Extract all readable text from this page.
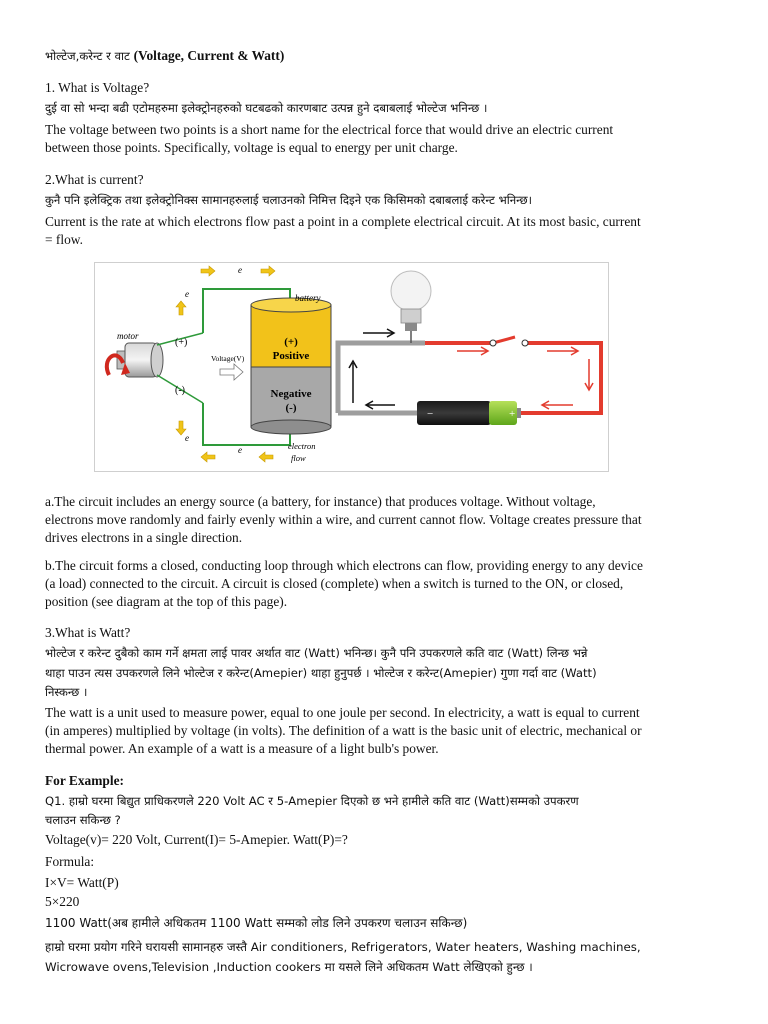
भोल्टेज,करेन्ट र वाट (Voltage, Current & Watt)
1. What is Voltage?
दुई वा सो भन्दा बढी एटोमहरुमा इलेक्ट्रोनहरुको घटबढको कारणबाट उत्पन्न हुने दबाबलाई भोल्टेज भनिन्छ ।
The voltage between two points is a short name for the electrical force that would drive an electric current
between those points. Specifically, voltage is equal to energy per unit charge.
2.What is current?
कुनै पनि इलेक्ट्रिक तथा इलेक्ट्रोनिक्स सामानहरुलाई चलाउनको निमित्त दिइने एक किसिमको दबाबलाई करेन्ट भनिन्छ।
Current is the rate at which electrons flow past a point in a complete electrical circuit. At its most basic, current
= flow.
motor
battery
(+)
Positive
Negative
(-)
Voltage(V)
(+)
(-)
e
e
e
e
electron
flow
−	+
a.The circuit includes an energy source (a battery, for instance) that produces voltage. Without voltage,
electrons move randomly and fairly evenly within a wire, and current cannot flow. Voltage creates pressure that
drives electrons in a single direction.
b.The circuit forms a closed, conducting loop through which electrons can flow, providing energy to any device
(a load) connected to the circuit. A circuit is closed (complete) when a switch is turned to the ON, or closed,
position (see diagram at the top of this page).
3.What is Watt?
भोल्टेज र करेन्ट दुबैको काम गर्ने क्षमता लाई पावर अर्थात वाट (Watt) भनिन्छ। कुनै पनि उपकरणले कति वाट (Watt) लिन्छ भन्ने
थाहा पाउन त्यस उपकरणले लिने भोल्टेज र करेन्ट(Amepier) थाहा हुनुपर्छ । भोल्टेज र करेन्ट(Amepier) गुणा गर्दा वाट (Watt)
निस्कन्छ ।
The watt is a unit used to measure power, equal to one joule per second. In electricity, a watt is equal to current
(in amperes) multiplied by voltage (in volts). The definition of a watt is the basic unit of electric, mechanical or
thermal power. An example of a watt is a measure of a light bulb's power.
For Example:
Q1. हाम्रो घरमा बिद्युत प्राधिकरणले 220 Volt AC र 5-Amepier दिएको छ भने हामीले कति वाट (Watt)सम्मको उपकरण
चलाउन सकिन्छ ?
Voltage(v)= 220 Volt, Current(I)= 5-Amepier. Watt(P)=?
Formula:
I×V= Watt(P)
5×220
1100 Watt(अब हामीले अधिकतम 1100 Watt सम्मको लोड लिने उपकरण चलाउन सकिन्छ)
हाम्रो घरमा प्रयोग गरिने घरायसी सामानहरु जस्तै Air conditioners, Refrigerators, Water heaters, Washing machines,
Wicrowave ovens,Television ,Induction cookers मा यसले लिने अधिकतम Watt लेखिएको हुन्छ ।
